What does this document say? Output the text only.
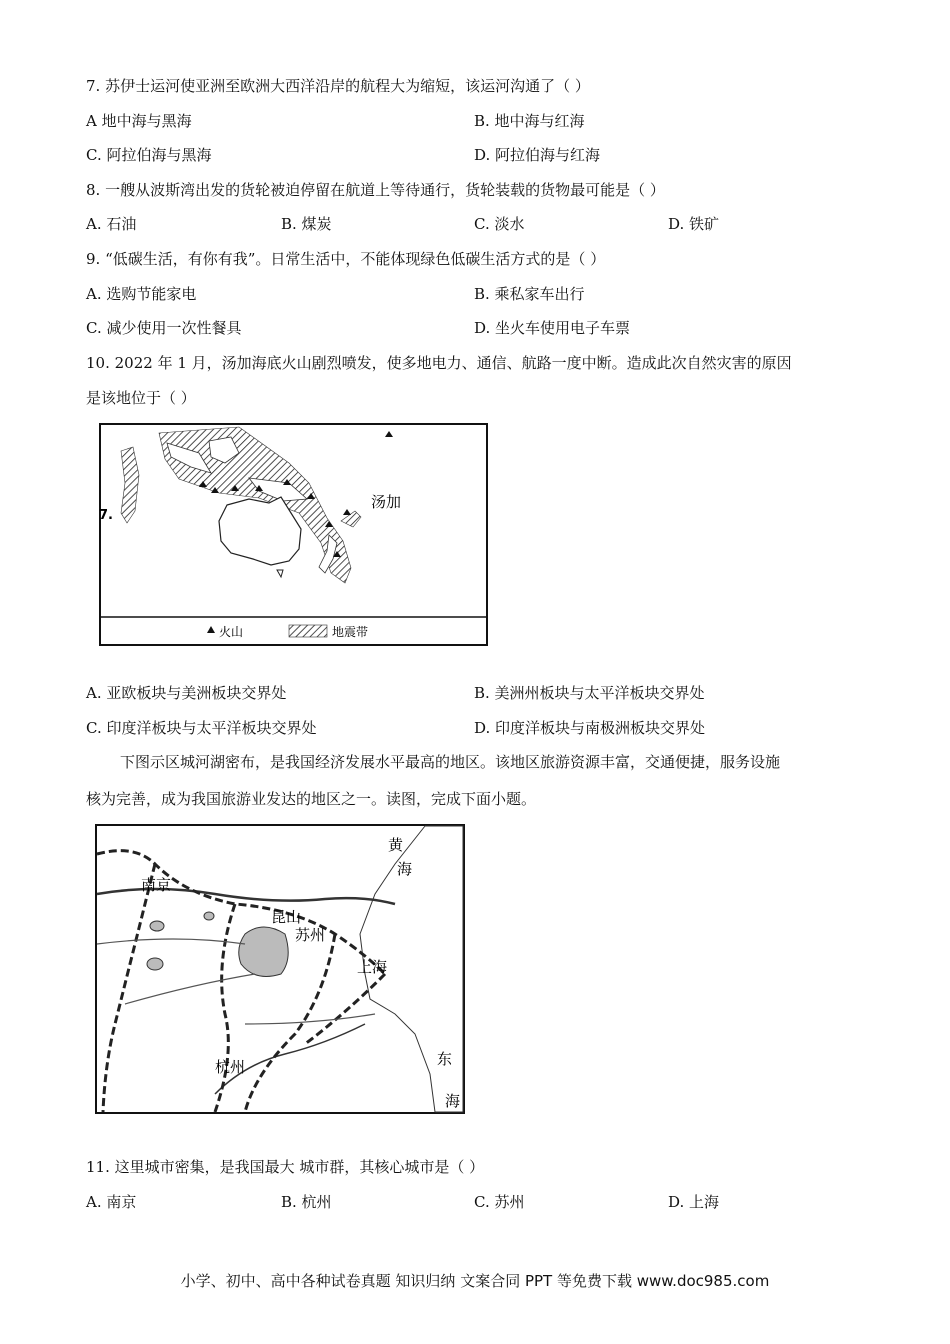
7. 苏伊士运河使亚洲至欧洲大西洋沿岸的航程大为缩短，该运河沟通了（ ）
A 地中海与黑海	B. 地中海与红海
C. 阿拉伯海与黑海	D. 阿拉伯海与红海
8. 一艘从波斯湾出发的货轮被迫停留在航道上等待通行，货轮装载的货物最可能是（ ）
A. 石油	B. 煤炭	C. 淡水	D. 铁矿
9. “低碳生活，有你有我”。日常生活中，不能体现绿色低碳生活方式的是（ ）
A. 选购节能家电	B. 乘私家车出行
C. 减少使用一次性餐具	D. 坐火车使用电子车票
10. 2022 年 1 月，汤加海底火山剧烈喷发，使多地电力、通信、航路一度中断。造成此次自然灾害的原因
是该地位于（ ）
汤加
7.
火山	地震带
A. 亚欧板块与美洲板块交界处	B. 美洲州板块与太平洋板块交界处
C. 印度洋板块与太平洋板块交界处	D. 印度洋板块与南极洲板块交界处
下图示区城河湖密布，是我国经济发展水平最高的地区。该地区旅游资源丰富，交通便捷，服务设施
核为完善，成为我国旅游业发达的地区之一。读图，完成下面小题。
南京
昆山
苏州
上海
杭州
黄
海
东
海
11. 这里城市密集，是我国最大 城市群，其核心城市是（ ）
A. 南京	B. 杭州	C. 苏州	D. 上海
小学、初中、高中各种试卷真题 知识归纳 文案合同 PPT 等免费下载 www.doc985.com
